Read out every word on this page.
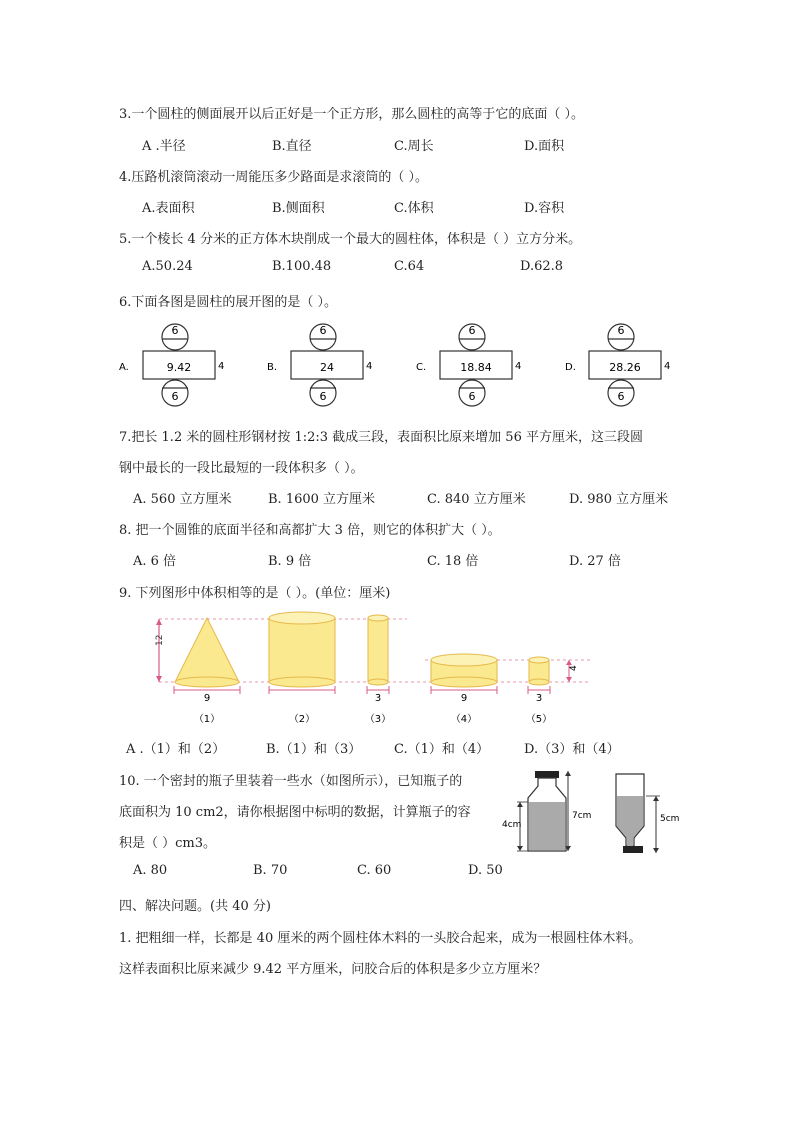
3.一个圆柱的侧面展开以后正好是一个正方形，那么圆柱的高等于它的底面（ ）。
A .半径	B.直径	C.周长	D.面积
4.压路机滚筒滚动一周能压多少路面是求滚筒的（ ）。
A.表面积	B.侧面积	C.体积	D.容积
5.一个棱长 4 分米的正方体木块削成一个最大的圆柱体，体积是（ ）立方分米。
A.50.24	B.100.48	C.64	D.62.8
6.下面各图是圆柱的展开图的是（ ）。
A.
6
9.42	4
6
B.
6
24	4
6
C.
6
18.84 4
6
D.
6
28.26 4
6
7.把长 1.2 米的圆柱形钢材按 1:2:3 截成三段，表面积比原来增加 56 平方厘米，这三段圆
钢中最长的一段比最短的一段体积多（ ）。
A. 560 立方厘米	B. 1600 立方厘米	C. 840 立方厘米	D. 980 立方厘米
8. 把一个圆锥的底面半径和高都扩大 3 倍，则它的体积扩大（ ）。
A. 6 倍	B. 9 倍	C. 18 倍	D. 27 倍
9. 下列图形中体积相等的是（ ）。(单位：厘米)
12
9
（1）	（2）
3
（3）
9
（4）
3
（5）
4
A .（1）和（2）	B.（1）和（3）	C.（1）和（4）	D.（3）和（4）
10. 一个密封的瓶子里装着一些水（如图所示），已知瓶子的
底面积为 10 cm2，请你根据图中标明的数据，计算瓶子的容
积是（ ）cm3。
A. 80	B. 70	C. 60	D. 50
4cm
7cm	5cm
四、解决问题。(共 40 分)
1. 把粗细一样，长都是 40 厘米的两个圆柱体木料的一头胶合起来，成为一根圆柱体木料。
这样表面积比原来减少 9.42 平方厘米，问胶合后的体积是多少立方厘米？
